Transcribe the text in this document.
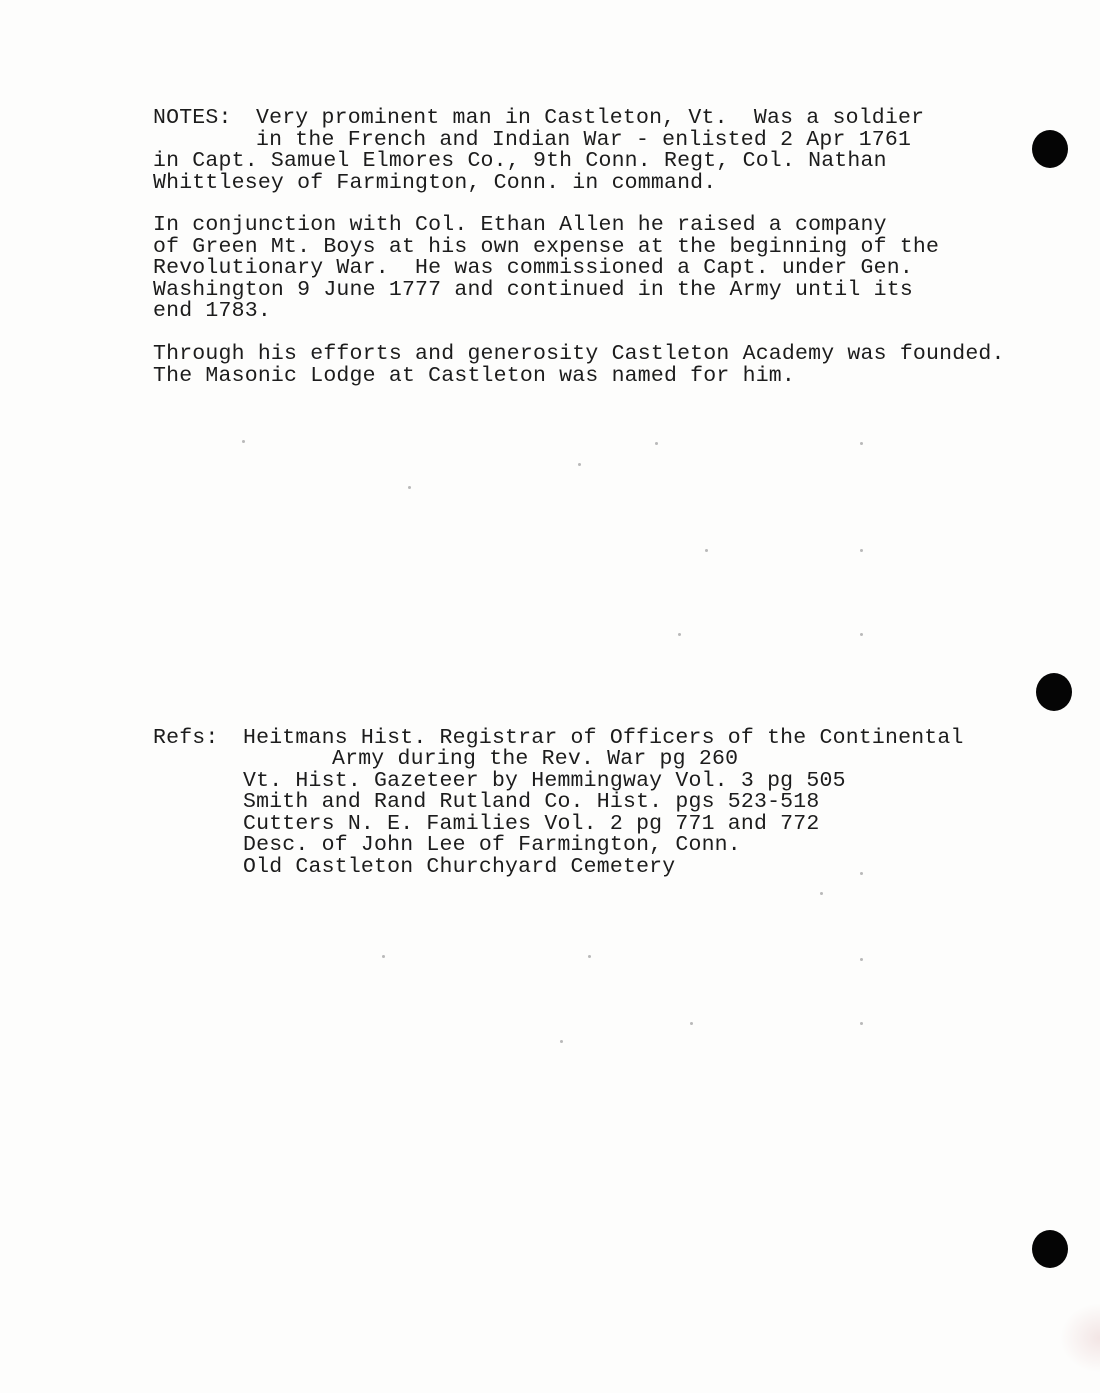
NOTES: Very prominent man in Castleton, Vt.  Was a soldier
in the French and Indian War - enlisted 2 Apr 1761
in Capt. Samuel Elmores Co., 9th Conn. Regt, Col. Nathan
Whittlesey of Farmington, Conn. in command.
In conjunction with Col. Ethan Allen he raised a company
of Green Mt. Boys at his own expense at the beginning of the
Revolutionary War.  He was commissioned a Capt. under Gen.
Washington 9 June 1777 and continued in the Army until its
end 1783.
Through his efforts and generosity Castleton Academy was founded.
The Masonic Lodge at Castleton was named for him.
Refs: Heitmans Hist. Registrar of Officers of the Continental
Army during the Rev. War pg 260
Vt. Hist. Gazeteer by Hemmingway Vol. 3 pg 505
Smith and Rand Rutland Co. Hist. pgs 523-518
Cutters N. E. Families Vol. 2 pg 771 and 772
Desc. of John Lee of Farmington, Conn.
Old Castleton Churchyard Cemetery
